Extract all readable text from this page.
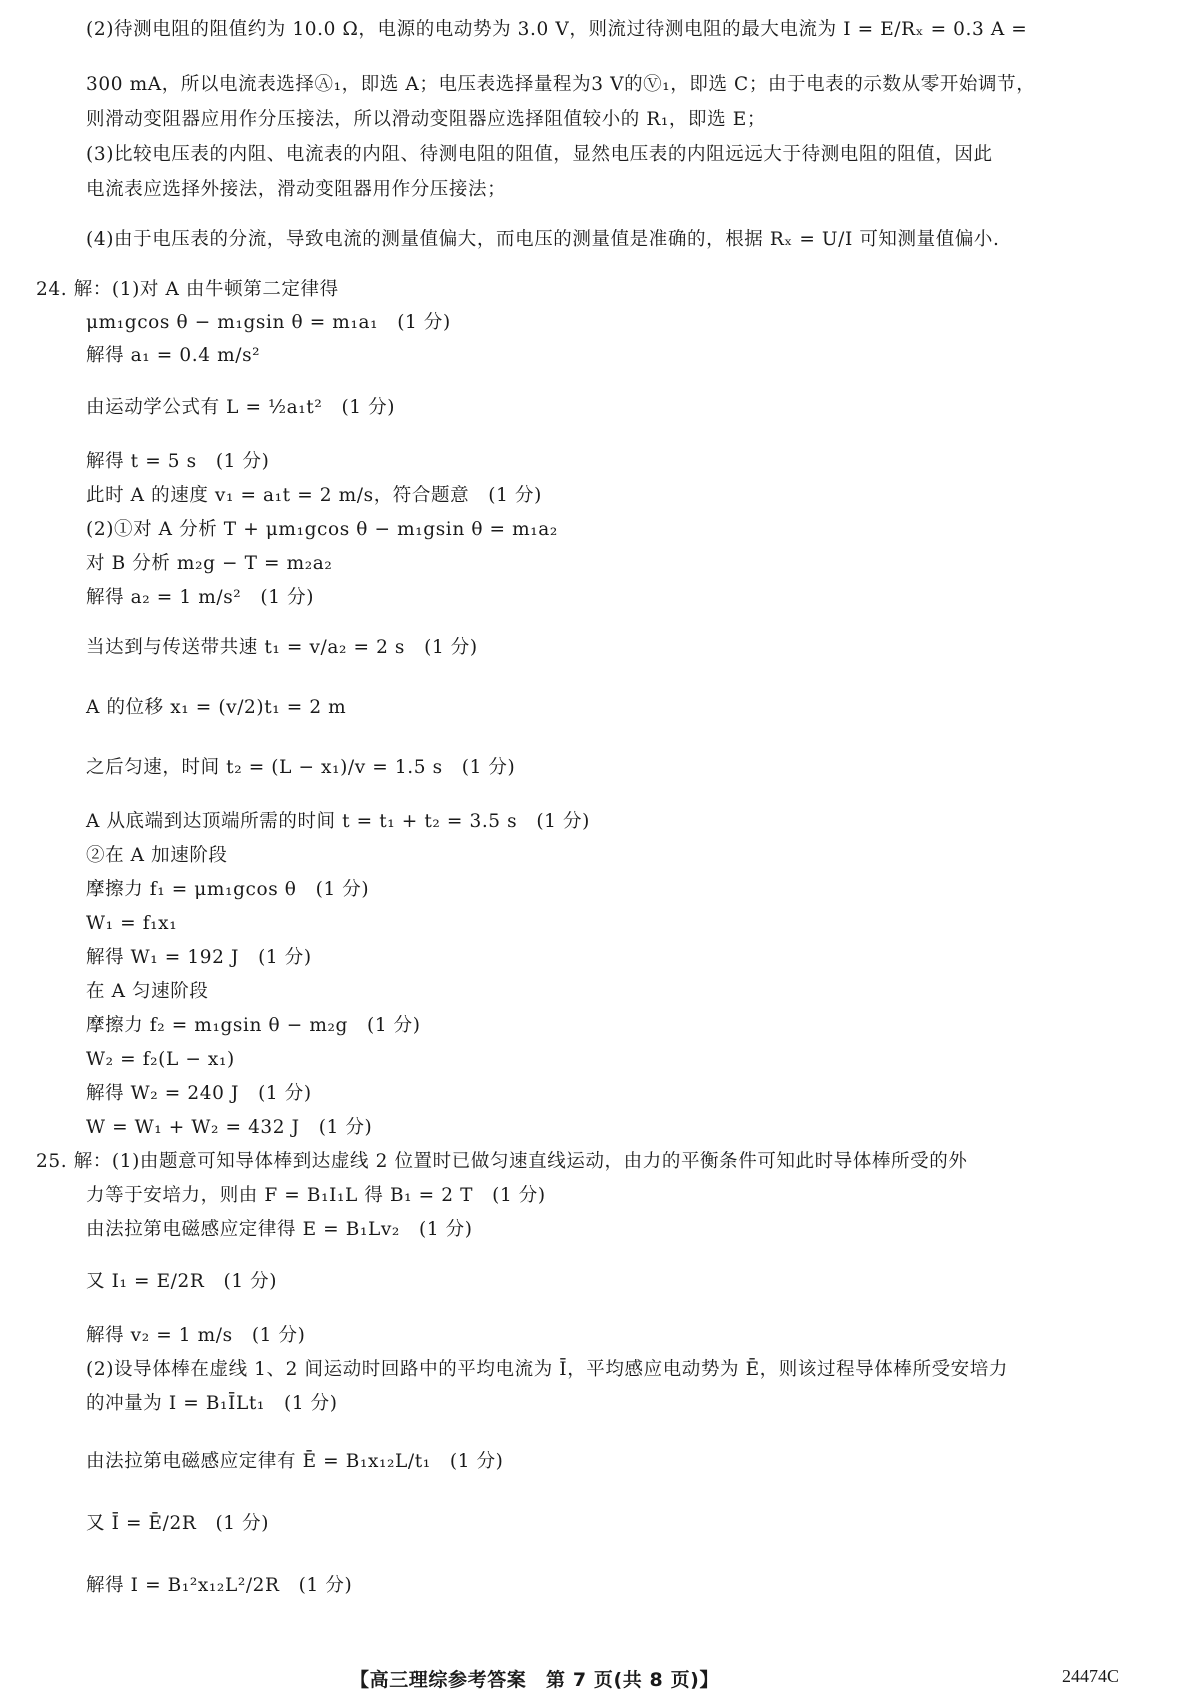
(2)待测电阻的阻值约为 10.0 Ω，电源的电动势为 3.0 V，则流过待测电阻的最大电流为 I = E/Rₓ = 0.3 A =
300 mA，所以电流表选择Ⓐ₁，即选 A；电压表选择量程为3 V的Ⓥ₁，即选 C；由于电表的示数从零开始调节，
则滑动变阻器应用作分压接法，所以滑动变阻器应选择阻值较小的 R₁，即选 E；
(3)比较电压表的内阻、电流表的内阻、待测电阻的阻值，显然电压表的内阻远远大于待测电阻的阻值，因此
电流表应选择外接法，滑动变阻器用作分压接法；
(4)由于电压表的分流，导致电流的测量值偏大，而电压的测量值是准确的，根据 Rₓ = U/I 可知测量值偏小.
24. 解：(1)对 A 由牛顿第二定律得
μm₁gcos θ − m₁gsin θ = m₁a₁　(1 分)
解得 a₁ = 0.4 m/s²
由运动学公式有 L = ½a₁t²　(1 分)
解得 t = 5 s　(1 分)
此时 A 的速度 v₁ = a₁t = 2 m/s，符合题意　(1 分)
(2)①对 A 分析 T + μm₁gcos θ − m₁gsin θ = m₁a₂
对 B 分析 m₂g − T = m₂a₂
解得 a₂ = 1 m/s²　(1 分)
当达到与传送带共速 t₁ = v/a₂ = 2 s　(1 分)
A 的位移 x₁ = (v/2)t₁ = 2 m
之后匀速，时间 t₂ = (L − x₁)/v = 1.5 s　(1 分)
A 从底端到达顶端所需的时间 t = t₁ + t₂ = 3.5 s　(1 分)
②在 A 加速阶段
摩擦力 f₁ = μm₁gcos θ　(1 分)
W₁ = f₁x₁
解得 W₁ = 192 J　(1 分)
在 A 匀速阶段
摩擦力 f₂ = m₁gsin θ − m₂g　(1 分)
W₂ = f₂(L − x₁)
解得 W₂ = 240 J　(1 分)
W = W₁ + W₂ = 432 J　(1 分)
25. 解：(1)由题意可知导体棒到达虚线 2 位置时已做匀速直线运动，由力的平衡条件可知此时导体棒所受的外
力等于安培力，则由 F = B₁I₁L 得 B₁ = 2 T　(1 分)
由法拉第电磁感应定律得 E = B₁Lv₂　(1 分)
又 I₁ = E/2R　(1 分)
解得 v₂ = 1 m/s　(1 分)
(2)设导体棒在虚线 1、2 间运动时回路中的平均电流为 Ī，平均感应电动势为 Ē，则该过程导体棒所受安培力
的冲量为 I = B₁ĪLt₁　(1 分)
由法拉第电磁感应定律有 Ē = B₁x₁₂L/t₁　(1 分)
又 Ī = Ē/2R　(1 分)
解得 I = B₁²x₁₂L²/2R　(1 分)
【高三理综参考答案　第 7 页(共 8 页)】	24474C
